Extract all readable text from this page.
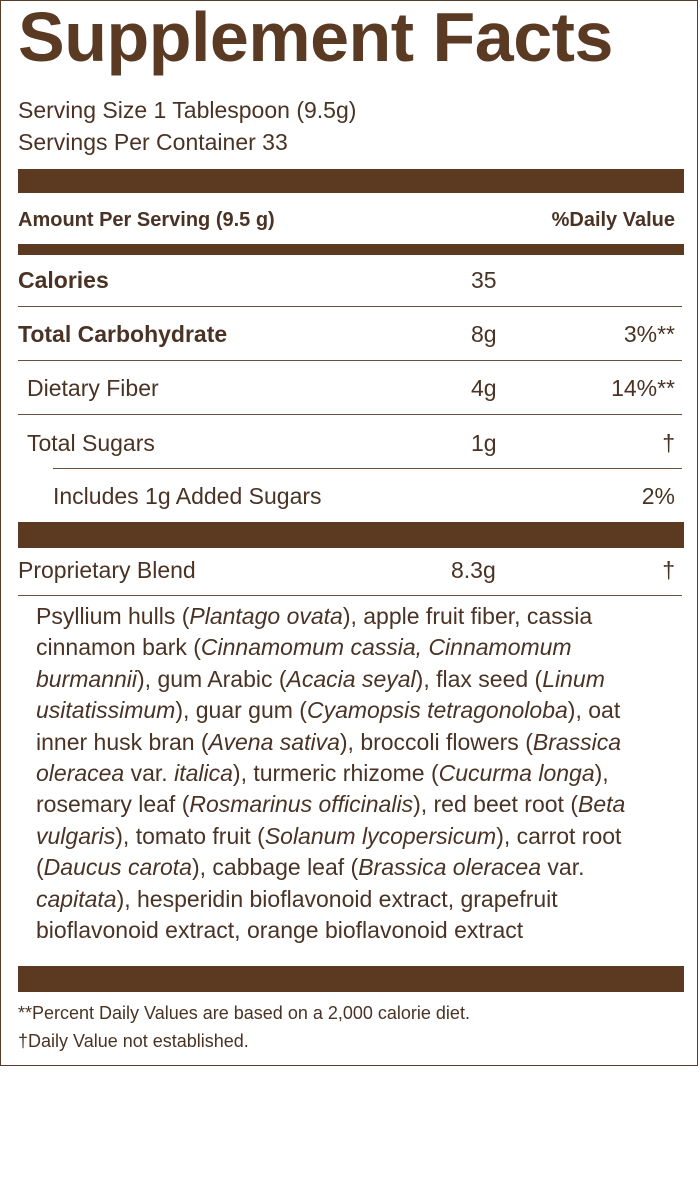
Supplement Facts
Serving Size 1 Tablespoon (9.5g)
Servings Per Container 33
Amount Per Serving (9.5 g)	%Daily Value
Calories	35
Total Carbohydrate	8g	3%**
Dietary Fiber	4g	14%**
Total Sugars	1g	†
Includes 1g Added Sugars	2%
Proprietary Blend	8.3g	†
Psyllium hulls (Plantago ovata), apple fruit fiber, cassia cinnamon bark (Cinnamomum cassia, Cinnamomum burmannii), gum Arabic (Acacia seyal), flax seed (Linum usitatissimum), guar gum (Cyamopsis tetragonoloba), oat inner husk bran (Avena sativa), broccoli flowers (Brassica oleracea var. italica), turmeric rhizome (Cucurma longa), rosemary leaf (Rosmarinus officinalis), red beet root (Beta vulgaris), tomato fruit (Solanum lycopersicum), carrot root (Daucus carota), cabbage leaf (Brassica oleracea var. capitata), hesperidin bioflavonoid extract, grapefruit bioflavonoid extract, orange bioflavonoid extract
**Percent Daily Values are based on a 2,000 calorie diet.
†Daily Value not established.
